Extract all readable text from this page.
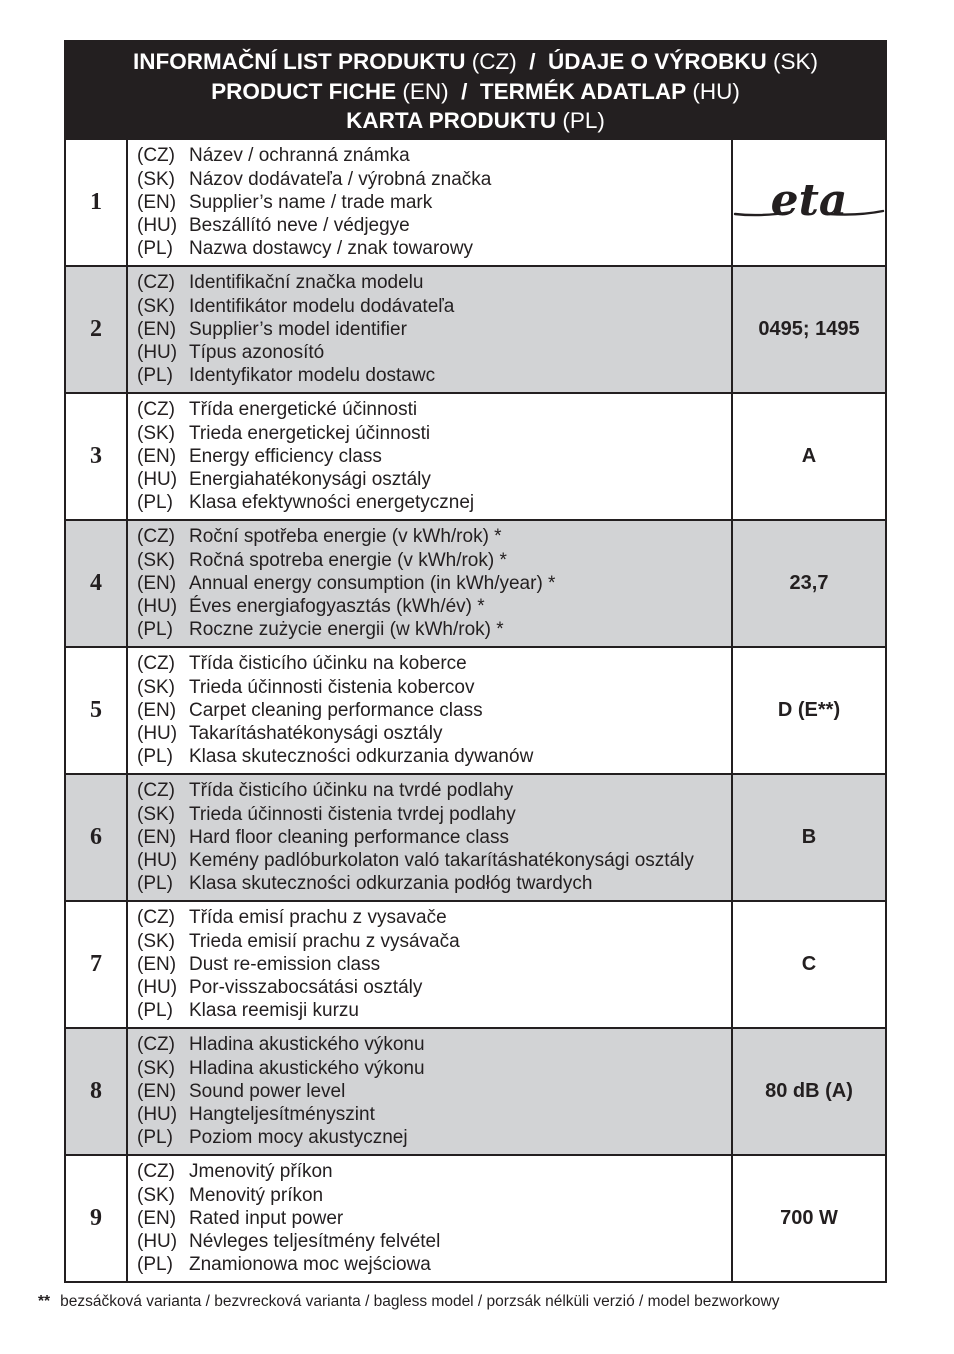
INFORMAČNÍ LIST PRODUKTU (CZ)  /  ÚDAJE O VÝROBKU (SK)
PRODUCT FICHE (EN)  /  TERMÉK ADATLAP (HU)
KARTA PRODUKTU (PL)
1	(CZ) Název / ochranná známka
(SK) Názov dodávateľa / výrobná značka
(EN) Supplier’s name / trade mark
(HU) Beszállító neve / védjegye
(PL) Nazwa dostawcy / znak towarowy	eta

2	(CZ) Identifikační značka modelu
(SK) Identifikátor modelu dodávateľa
(EN) Supplier’s model identifier
(HU) Típus azonosító
(PL) Identyfikator modelu dostawc	0495; 1495
3	(CZ) Třída energetické účinnosti
(SK) Trieda energetickej účinnosti
(EN) Energy efficiency class
(HU) Energiahatékonysági osztály
(PL) Klasa efektywności energetycznej	A
4	(CZ) Roční spotřeba energie (v kWh/rok) *
(SK) Ročná spotreba energie (v kWh/rok) *
(EN) Annual energy consumption (in kWh/year) *
(HU) Éves energiafogyasztás (kWh/év) *
(PL) Roczne zużycie energii (w kWh/rok) *	23,7
5	(CZ) Třída čisticího účinku na koberce
(SK) Trieda účinnosti čistenia kobercov
(EN) Carpet cleaning performance class
(HU) Takarításhatékonysági osztály
(PL) Klasa skuteczności odkurzania dywanów	D (E**)
6	(CZ) Třída čisticího účinku na tvrdé podlahy
(SK) Trieda účinnosti čistenia tvrdej podlahy
(EN) Hard floor cleaning performance class
(HU) Kemény padlóburkolaton való takarításhatékonysági osztály
(PL) Klasa skuteczności odkurzania podłóg twardych	B
7	(CZ) Třída emisí prachu z vysavače
(SK) Trieda emisií prachu z vysávača
(EN) Dust re-emission class
(HU) Por-visszabocsátási osztály
(PL) Klasa reemisji kurzu	C
8	(CZ) Hladina akustického výkonu
(SK) Hladina akustického výkonu
(EN) Sound power level
(HU) Hangteljesítményszint
(PL) Poziom mocy akustycznej	80 dB (A)
9	(CZ) Jmenovitý příkon
(SK) Menovitý príkon
(EN) Rated input power
(HU) Névleges teljesítmény felvétel
(PL) Znamionowa moc wejściowa	700 W
** bezsáčková varianta / bezvrecková varianta / bagless model / porzsák nélküli verzió / model bezworkowy
